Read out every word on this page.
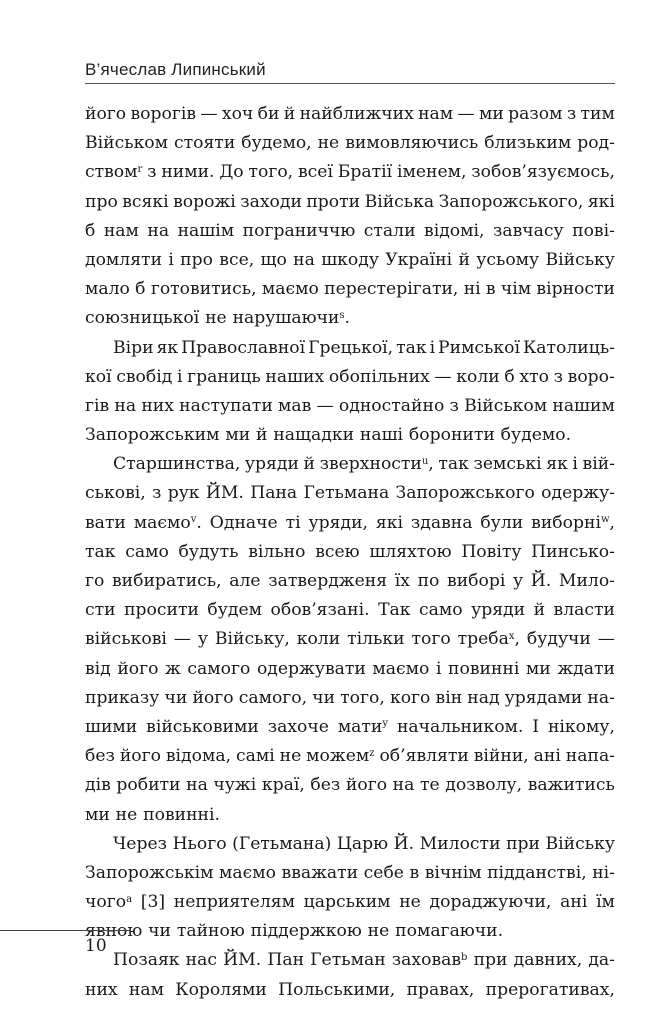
В’ячеслав Липинський
його ворогів — хоч би й найближчих нам — ми разом з тим
Військом стояти будемо, не вимовляючись близьким род-
ством$^r$ з ними. До того, всеї Братії іменем, зобов’язуємось,
про всякі ворожі заходи проти Війська Запорожського, які
б нам на нашім пограниччю стали відомі, завчасу пові-
домляти і про все, що на шкоду Україні й усьому Війську
мало б готовитись, маємо перестерігати, ні в чім вірности
союзницької не нарушаючи$^s$.
Віри як Православної Грецької, так і Римської Католиць-
кої свобід і границь наших обопільних — коли б хто з воро-
гів на них наступати мав — одностайно з Військом нашим
Запорожським ми й нащадки наші боронити будемо.
Старшинства, уряди й зверхности$^u$, так земські як і вій-
ськові, з рук ЙМ. Пана Гетьмана Запорожського одержу-
вати маємо$^v$. Одначе ті уряди, які здавна були виборні$^w$,
так само будуть вільно всею шляхтою Повіту Пинсько-
го вибиратись, але затвердженя їх по виборі у Й. Мило-
сти просити будем обов’язані. Так само уряди й власти
військові — у Війську, коли тільки того треба$^x$, будучи —
від його ж самого одержувати маємо і повинні ми ждати
приказу чи його самого, чи того, кого він над урядами на-
шими військовими захоче мати$^y$ начальником. І нікому,
без його відома, самі не можем$^z$ об’являти війни, ані напа-
дів робити на чужі краї, без його на те дозволу, важитись
ми не повинні.
Через Нього (Гетьмана) Царю Й. Милости при Війську
Запорожськім маємо вважати себе в вічнім підданстві, ні-
чого$^a$ [3] неприятелям царським не дораджуючи, ані їм
явною чи тайною піддержкою не помагаючи.
Позаяк нас ЙМ. Пан Гетьман заховав$^b$ при давних, да-
них нам Королями Польськими, правах, прерогативах,
10
